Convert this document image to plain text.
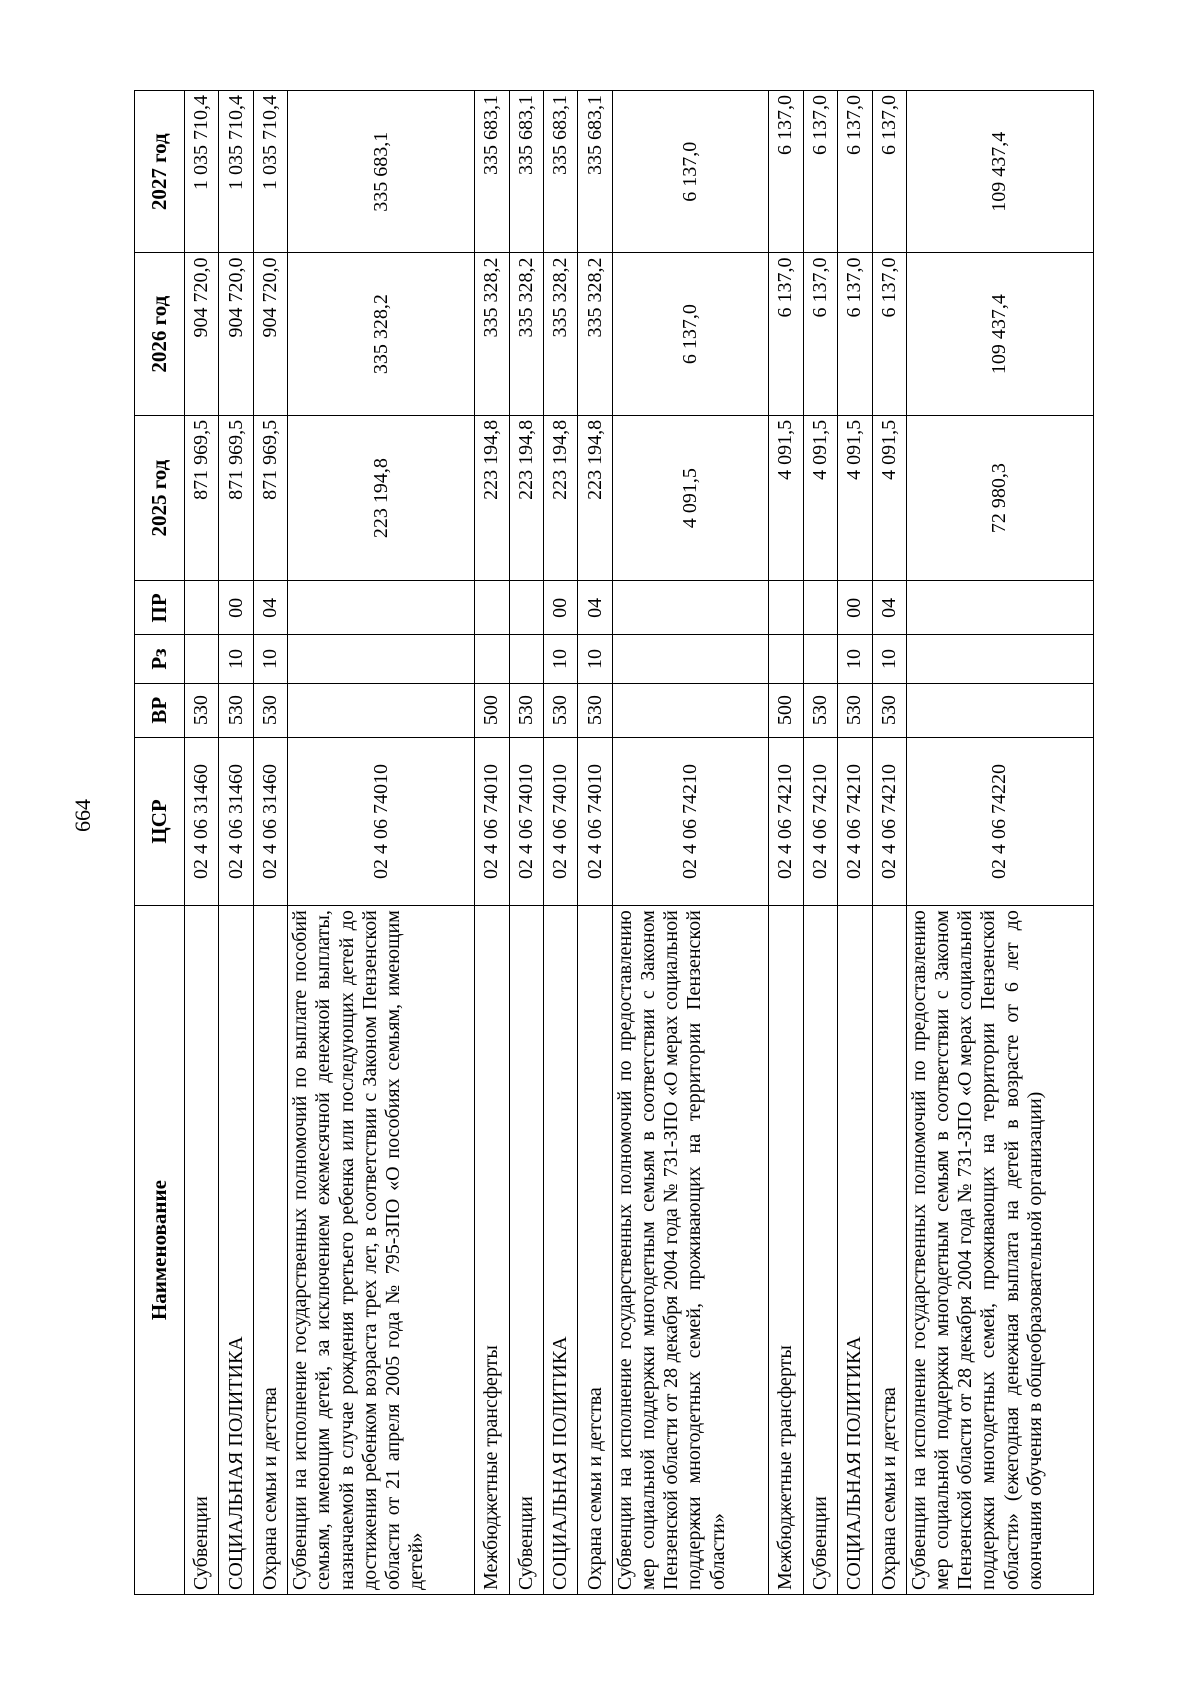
664
Наименование	ЦСР	ВР	Рз	ПР	2025 год	2026 год	2027 год
Субвенции	02 4 06 31460	530			871 969,5	904 720,0	1 035 710,4
СОЦИАЛЬНАЯ ПОЛИТИКА	02 4 06 31460	530	10	00	871 969,5	904 720,0	1 035 710,4
Охрана семьи и детства	02 4 06 31460	530	10	04	871 969,5	904 720,0	1 035 710,4
Субвенции на исполнение государственных полномочий по выплате пособий семьям, имеющим детей, за исключением ежемесячной денежной выплаты, назначаемой в случае рождения третьего ребенка или последующих детей до достижения ребенком возраста трех лет, в соответствии с Законом Пензенской области от 21 апреля 2005 года № 795-ЗПО «О пособиях семьям, имеющим детей»	02 4 06 74010				223 194,8	335 328,2	335 683,1
Межбюджетные трансферты	02 4 06 74010	500			223 194,8	335 328,2	335 683,1
Субвенции	02 4 06 74010	530			223 194,8	335 328,2	335 683,1
СОЦИАЛЬНАЯ ПОЛИТИКА	02 4 06 74010	530	10	00	223 194,8	335 328,2	335 683,1
Охрана семьи и детства	02 4 06 74010	530	10	04	223 194,8	335 328,2	335 683,1
Субвенции на исполнение государственных полномочий по предоставлению мер социальной поддержки многодетным семьям в соответствии с Законом Пензенской области от 28 декабря 2004 года № 731-ЗПО «О мерах социальной поддержки многодетных семей, проживающих на территории Пензенской области»	02 4 06 74210				4 091,5	6 137,0	6 137,0
Межбюджетные трансферты	02 4 06 74210	500			4 091,5	6 137,0	6 137,0
Субвенции	02 4 06 74210	530			4 091,5	6 137,0	6 137,0
СОЦИАЛЬНАЯ ПОЛИТИКА	02 4 06 74210	530	10	00	4 091,5	6 137,0	6 137,0
Охрана семьи и детства	02 4 06 74210	530	10	04	4 091,5	6 137,0	6 137,0
Субвенции на исполнение государственных полномочий по предоставлению мер социальной поддержки многодетным семьям в соответствии с Законом Пензенской области от 28 декабря 2004 года № 731-ЗПО «О мерах социальной поддержки многодетных семей, проживающих на территории Пензенской области» (ежегодная денежная выплата на детей в возрасте от 6 лет до окончания обучения в общеобразовательной организации)	02 4 06 74220				72 980,3	109 437,4	109 437,4
